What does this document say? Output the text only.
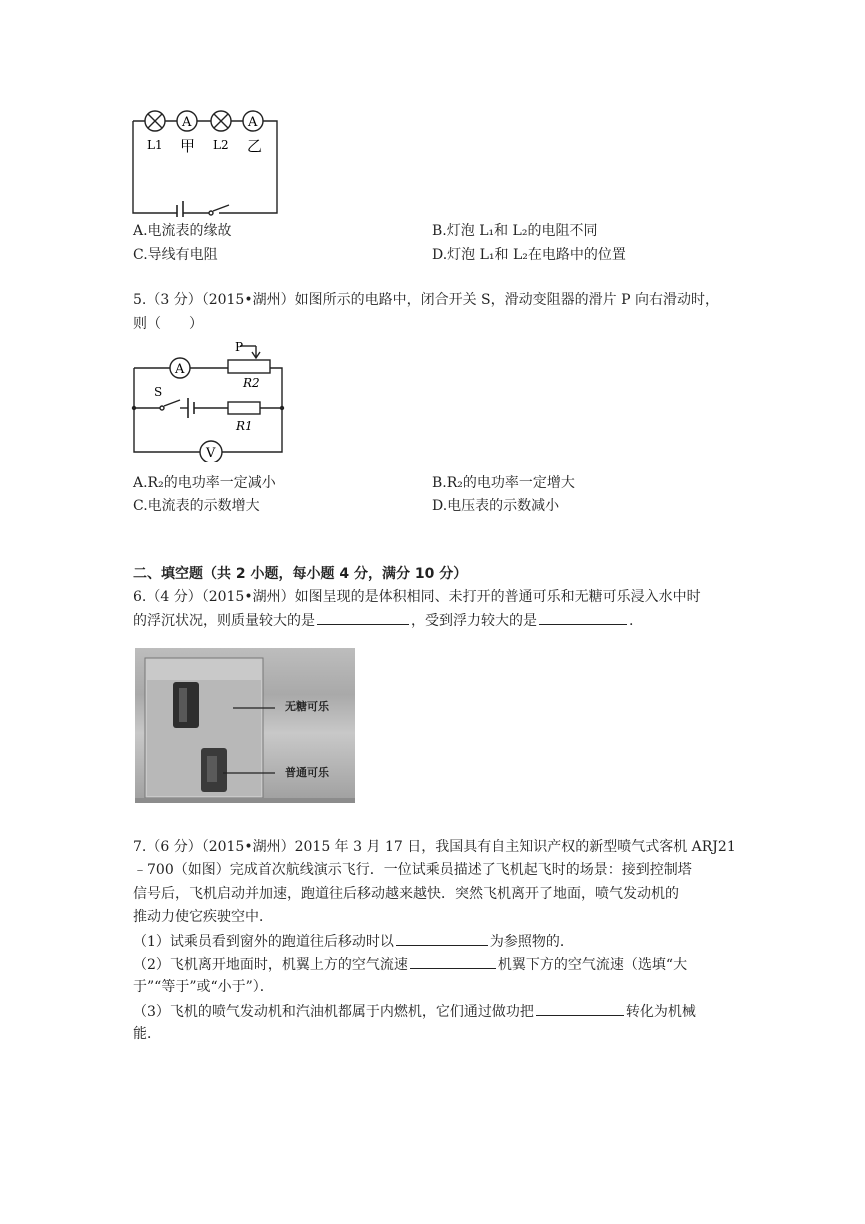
A	A
L1 甲 L2 乙
A.电流表的缘故	B.灯泡 L₁和 L₂的电阻不同
C.导线有电阻	D.灯泡 L₁和 L₂在电路中的位置
5.（3 分）（2015•湖州）如图所示的电路中，闭合开关 S，滑动变阻器的滑片 P 向右滑动时，
则（　　）
A
V
P
R2
S
R1
A.R₂的电功率一定减小	B.R₂的电功率一定增大
C.电流表的示数增大	D.电压表的示数减小
二、填空题（共 2 小题，每小题 4 分，满分 10 分）
6.（4 分）（2015•湖州）如图呈现的是体积相同、未打开的普通可乐和无糖可乐浸入水中时
的浮沉状况，则质量较大的是	，受到浮力较大的是	.
无糖可乐
普通可乐
7.（6 分）（2015•湖州）2015 年 3 月 17 日，我国具有自主知识产权的新型喷气式客机 ARJ21
﹣700（如图）完成首次航线演示飞行．一位试乘员描述了飞机起飞时的场景：接到控制塔
信号后，飞机启动并加速，跑道往后移动越来越快．突然飞机离开了地面，喷气发动机的
推动力使它疾驶空中．
（1）试乘员看到窗外的跑道往后移动时以	为参照物的．
（2）飞机离开地面时，机翼上方的空气流速	机翼下方的空气流速（选填“大
于”“等于”或“小于”）．
（3）飞机的喷气发动机和汽油机都属于内燃机，它们通过做功把	转化为机械
能．
